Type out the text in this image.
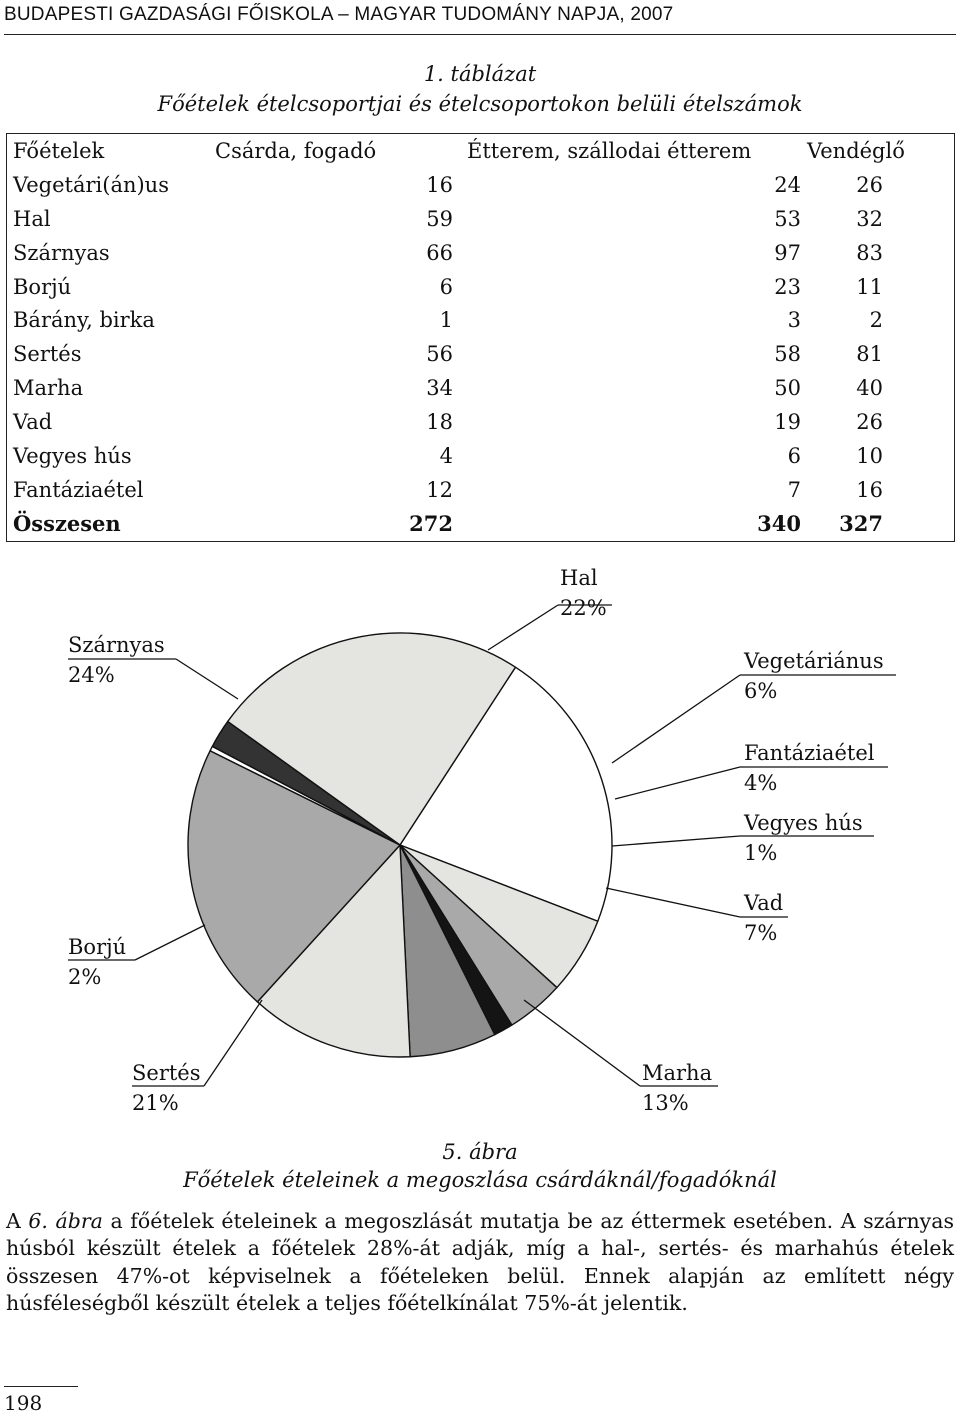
BUDAPESTI GAZDASÁGI FŐISKOLA – MAGYAR TUDOMÁNY NAPJA, 2007
1. táblázat
Főételek ételcsoportjai és ételcsoportokon belüli ételszámok
Főételek	Csárda, fogadó	Étterem, szállodai étterem	Vendéglő
Vegetári(án)us	16	24	26
Hal	59	53	32
Szárnyas	66	97	83
Borjú	6	23	11
Bárány, birka	1	3	2
Sertés	56	58	81
Marha	34	50	40
Vad	18	19	26
Vegyes hús	4	6	10
Fantáziaétel	12	7	16
Összesen	272	340	327
Hal
22%
Vegetáriánus
6%
Fantáziaétel
4%
Vegyes hús
1%
Vad
7%
Marha
13%
Sertés
21%
Borjú
2%
Szárnyas
24%
5. ábra
Főételek ételeinek a megoszlása csárdáknál/fogadóknál
A 6. ábra a főételek ételeinek a megoszlását mutatja be az éttermek esetében. A szárnyas húsból készült ételek a főételek 28%-át adják, míg a hal-, sertés- és marhahús ételek összesen 47%-ot képviselnek a főételeken belül. Ennek alapján az említett négy húsféleségből készült ételek a teljes főételkínálat 75%-át jelentik.
198
